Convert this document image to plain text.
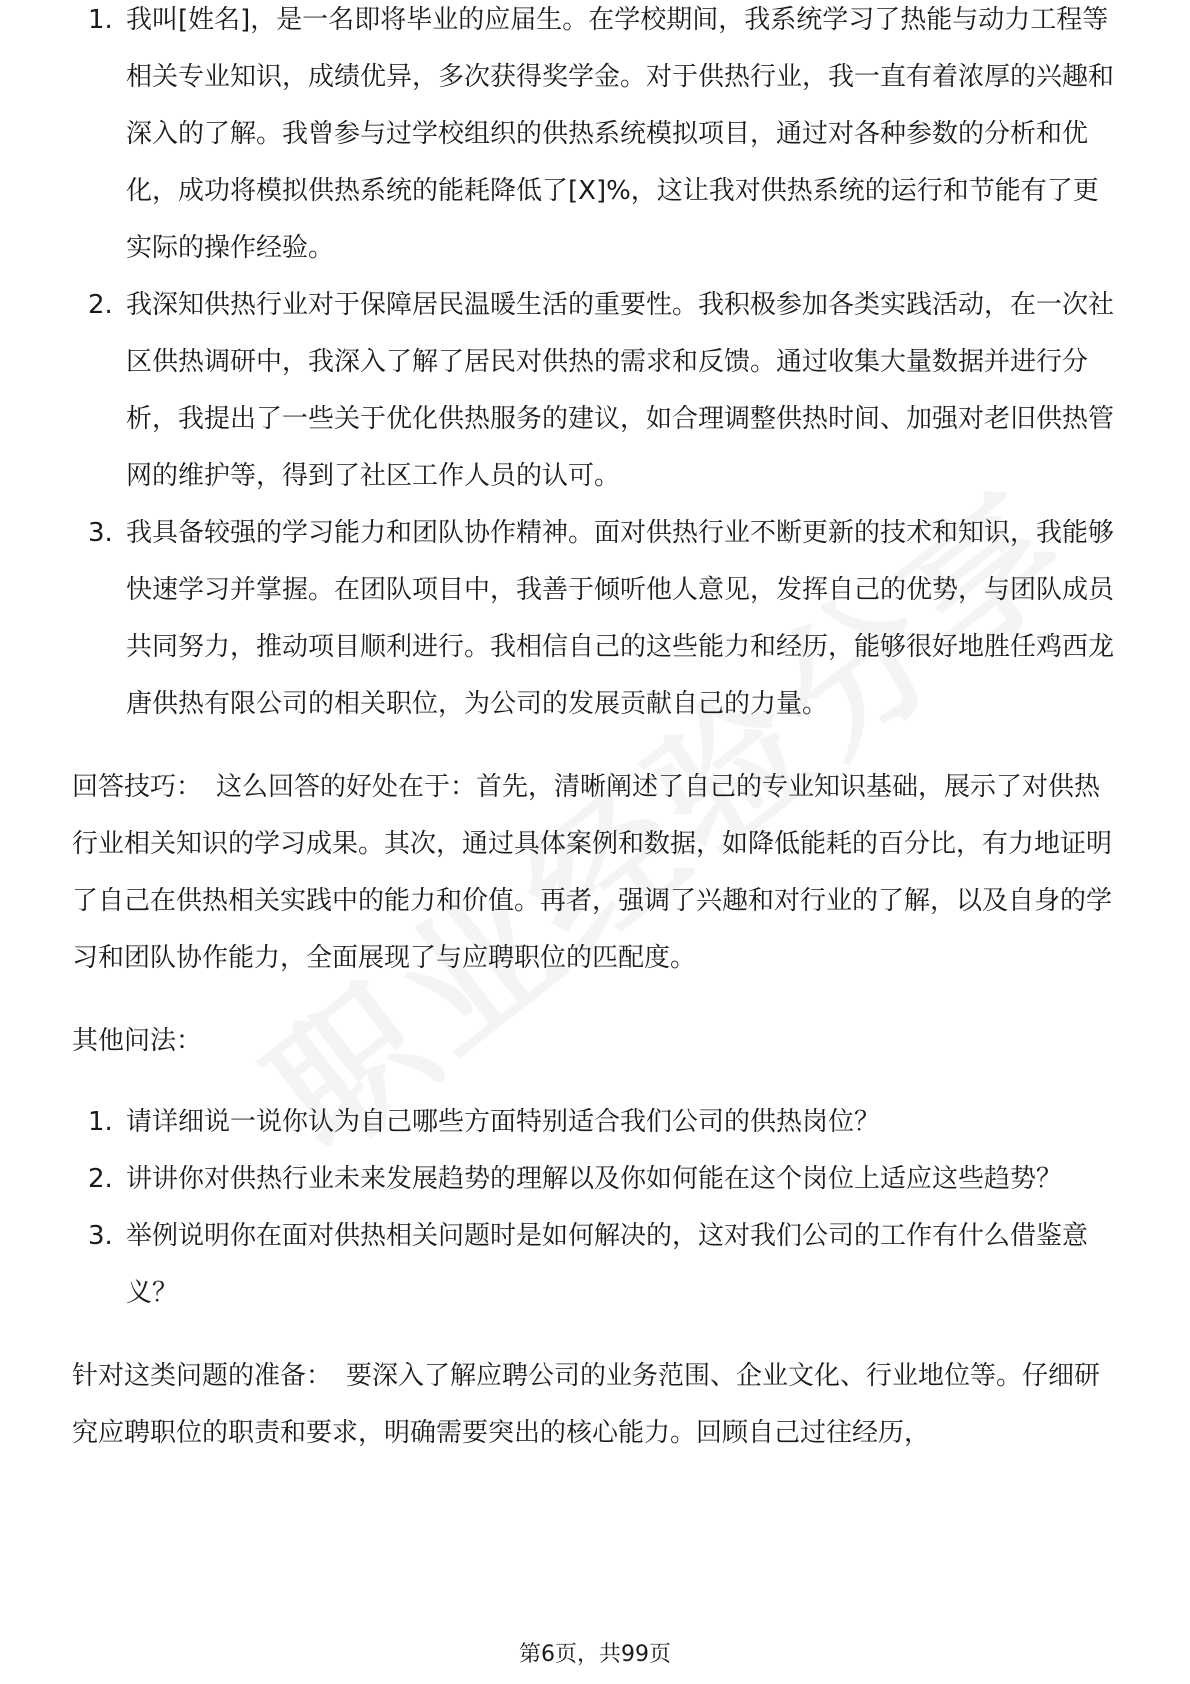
1. 我叫[姓名]，是一名即将毕业的应届生。在学校期间，我系统学习了热能与动力工程等相关专业知识，成绩优异，多次获得奖学金。对于供热行业，我一直有着浓厚的兴趣和深入的了解。我曾参与过学校组织的供热系统模拟项目，通过对各种参数的分析和优化，成功将模拟供热系统的能耗降低了[X]%，这让我对供热系统的运行和节能有了更实际的操作经验。
2. 我深知供热行业对于保障居民温暖生活的重要性。我积极参加各类实践活动，在一次社区供热调研中，我深入了解了居民对供热的需求和反馈。通过收集大量数据并进行分析，我提出了一些关于优化供热服务的建议，如合理调整供热时间、加强对老旧供热管网的维护等，得到了社区工作人员的认可。
3. 我具备较强的学习能力和团队协作精神。面对供热行业不断更新的技术和知识，我能够快速学习并掌握。在团队项目中，我善于倾听他人意见，发挥自己的优势，与团队成员共同努力，推动项目顺利进行。我相信自己的这些能力和经历，能够很好地胜任鸡西龙唐供热有限公司的相关职位，为公司的发展贡献自己的力量。

回答技巧： 这么回答的好处在于：首先，清晰阐述了自己的专业知识基础，展示了对供热行业相关知识的学习成果。其次，通过具体案例和数据，如降低能耗的百分比，有力地证明了自己在供热相关实践中的能力和价值。再者，强调了兴趣和对行业的了解，以及自身的学习和团队协作能力，全面展现了与应聘职位的匹配度。

其他问法：

1. 请详细说一说你认为自己哪些方面特别适合我们公司的供热岗位？
2. 讲讲你对供热行业未来发展趋势的理解以及你如何能在这个岗位上适应这些趋势？
3. 举例说明你在面对供热相关问题时是如何解决的，这对我们公司的工作有什么借鉴意义？

针对这类问题的准备： 要深入了解应聘公司的业务范围、企业文化、行业地位等。仔细研究应聘职位的职责和要求，明确需要突出的核心能力。回顾自己过往经历，

第6页，共99页
